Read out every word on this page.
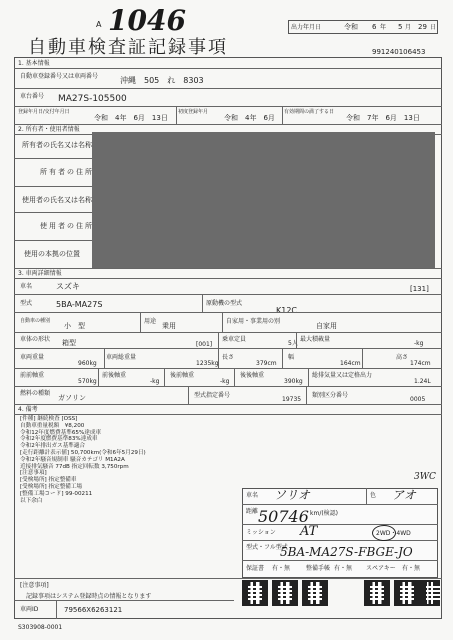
A 1046
自動車検査証記録事項
出力年月日	令和 6 年 5 月 29 日
991240106453
1. 基本情報
自動車登録番号又は車両番号	沖縄　505　れ　8303
車台番号 MA27S-105500
登録年月日/交付年月日
令和　4年　6月　13日
初度登録年月
令和　4年　6月
有効期間の満了する日
令和　7年　6月　13日
2. 所有者・使用者情報
所有者の氏名又は名称
所有者の住所
使用者の氏名又は名称
使用者の住所
使用の本拠の位置
3. 車両詳細情報
車名	スズキ	[131]
型式	5BA-MA27S	原動機の型式
K12C
自動車の種別
小　型
用途
乗用
自家用・事業用の別
自家用
車体の形状 箱型	[001]
乗車定員
5人
最大積載量
-kg
車両重量
960kg
車両総重量
1235kg
長さ
379cm
幅
164cm
高さ
174cm
前前軸重
570kg
前後軸重
-kg
後前軸重
-kg
後後軸重
390kg
総排気量又は定格出力
1.24L
燃料の種類
ガソリン	型式指定番号
19735
類別区分番号
0005
4. 備考
[件種] 継続検査 [OSS]
自動車重量税額　¥8,200
令和12年度燃費基準65%達成車
令和2年度燃費基準83%達成車
令和2年排出ガス基準適合
[走行距離計表示値] 50,700km(令和6年5月29日)
令和2年騒音規制車 騒音カテゴリ M1A2A
近接排気騒音 77dB 指定回転数 3,750rpm
[注意事項]
[受検場所] 指定整備車
[受検場所] 指定整備工場
[整備工場コード] 99-00211
以下余白
車名 ソリオ	色 アオ
3WC
距離 50746 km/(検認)
ミッション AT	2WD・4WD
型式・フル型式
5BA-MA27S-FBGE-JO
保証書 有・無	整備手帳 有・無 スペアキー 有・無
[注意事項]
記録事項はシステム登録時点の情報となります
車両ID	79566X6263121
S303908-0001
